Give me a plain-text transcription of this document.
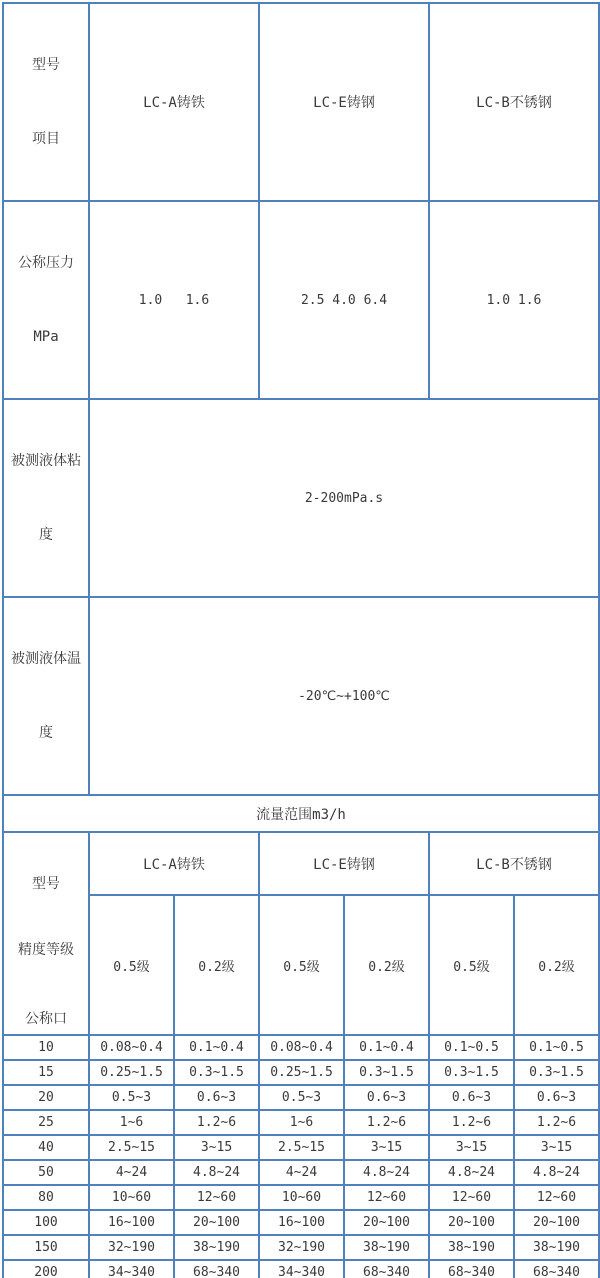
型号

项目	LC-A铸铁		LC-E铸钢		LC-B不锈钢	

公称压力

MPa	1.0   1.6		2.5 4.0 6.4		1.0 1.6	

被测液体粘

度	2-200mPa.s					

被测液体温

度	-20℃~+100℃					
流量范围m3/h						

型号

精度等级

公称口	LC-A铸铁		LC-E铸钢		LC-B不锈钢	
	0.5级	0.2级	0.5级	0.2级	0.5级	0.2级
10	0.08~0.4	0.1~0.4	0.08~0.4	0.1~0.4	0.1~0.5	0.1~0.5
15	0.25~1.5	0.3~1.5	0.25~1.5	0.3~1.5	0.3~1.5	0.3~1.5
20	0.5~3	0.6~3	0.5~3	0.6~3	0.6~3	0.6~3
25	1~6	1.2~6	1~6	1.2~6	1.2~6	1.2~6
40	2.5~15	3~15	2.5~15	3~15	3~15	3~15
50	4~24	4.8~24	4~24	4.8~24	4.8~24	4.8~24
80	10~60	12~60	10~60	12~60	12~60	12~60
100	16~100	20~100	16~100	20~100	20~100	20~100
150	32~190	38~190	32~190	38~190	38~190	38~190
200	34~340	68~340	34~340	68~340	68~340	68~340
